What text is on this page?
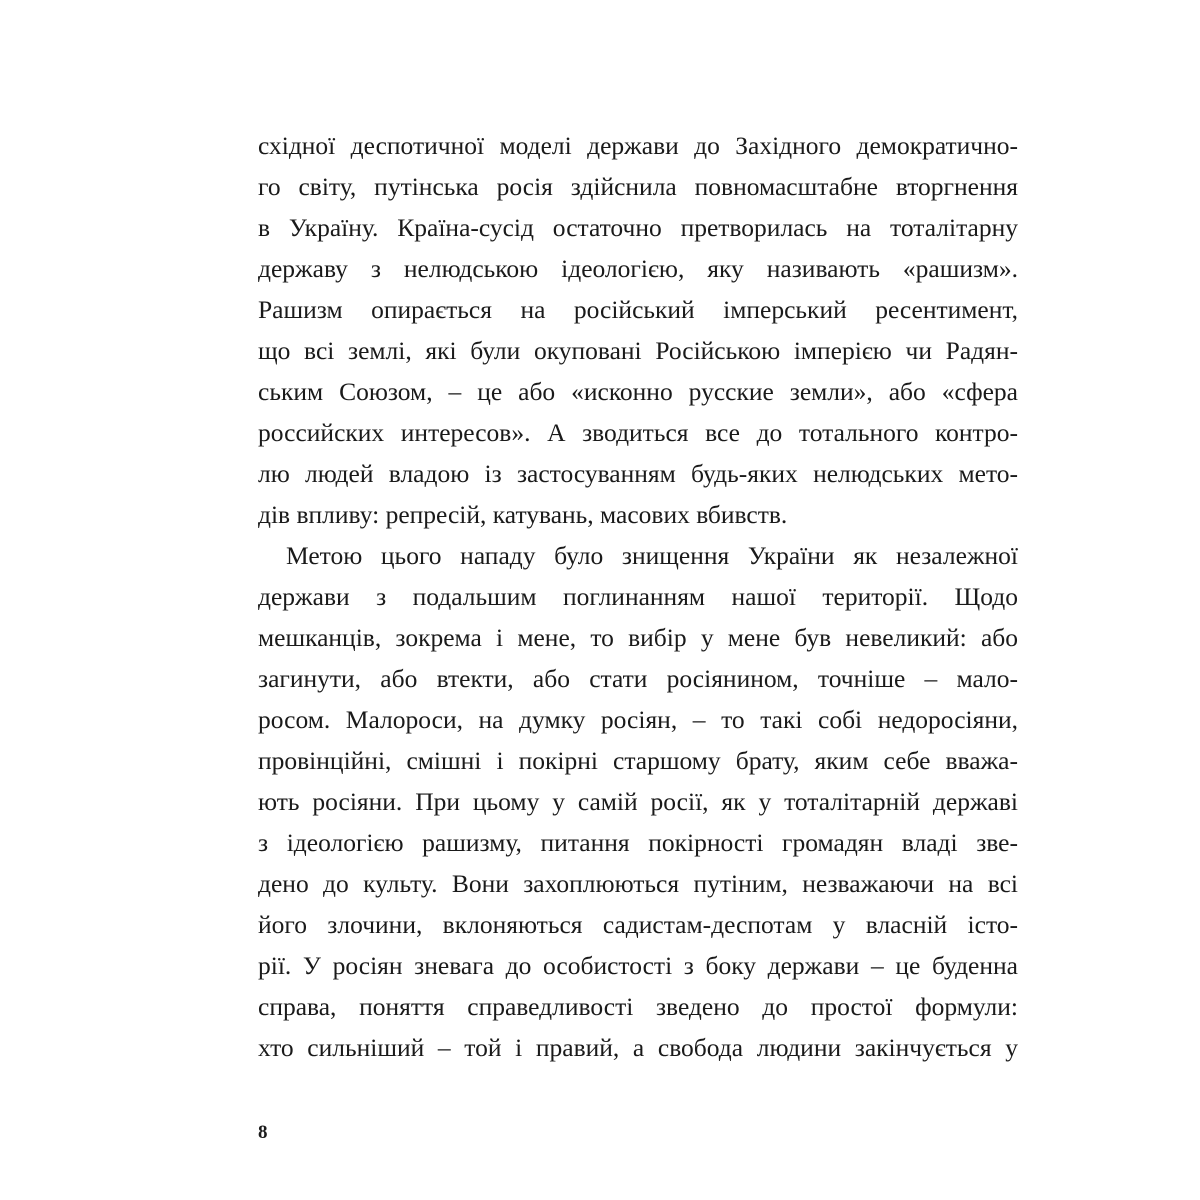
східної деспотичної моделі держави до Західного демократично-
го світу, путінська росія здійснила повномасштабне вторгнення
в Україну. Країна-сусід остаточно претворилась на тоталітарну
державу з нелюдською ідеологією, яку називають «рашизм».
Рашизм опирається на російський імперський ресентимент,
що всі землі, які були окуповані Російською імперією чи Радян-
ським Союзом, – це або «исконно русские земли», або «сфера
российских интересов». А зводиться все до тотального контро-
лю людей владою із застосуванням будь-яких нелюдських мето-
дів впливу: репресій, катувань, масових вбивств.
Метою цього нападу було знищення України як незалежної
держави з подальшим поглинанням нашої території. Щодо
мешканців, зокрема і мене, то вибір у мене був невеликий: або
загинути, або втекти, або стати росіянином, точніше – мало-
росом. Малороси, на думку росіян, – то такі собі недоросіяни,
провінційні, смішні і покірні старшому брату, яким себе вважа-
ють росіяни. При цьому у самій росії, як у тоталітарній державі
з ідеологією рашизму, питання покірності громадян владі зве-
дено до культу. Вони захоплюються путіним, незважаючи на всі
його злочини, вклоняються садистам-деспотам у власній істо-
рії. У росіян зневага до особистості з боку держави – це буденна
справа, поняття справедливості зведено до простої формули:
хто сильніший – той і правий, а свобода людини закінчується у
8
